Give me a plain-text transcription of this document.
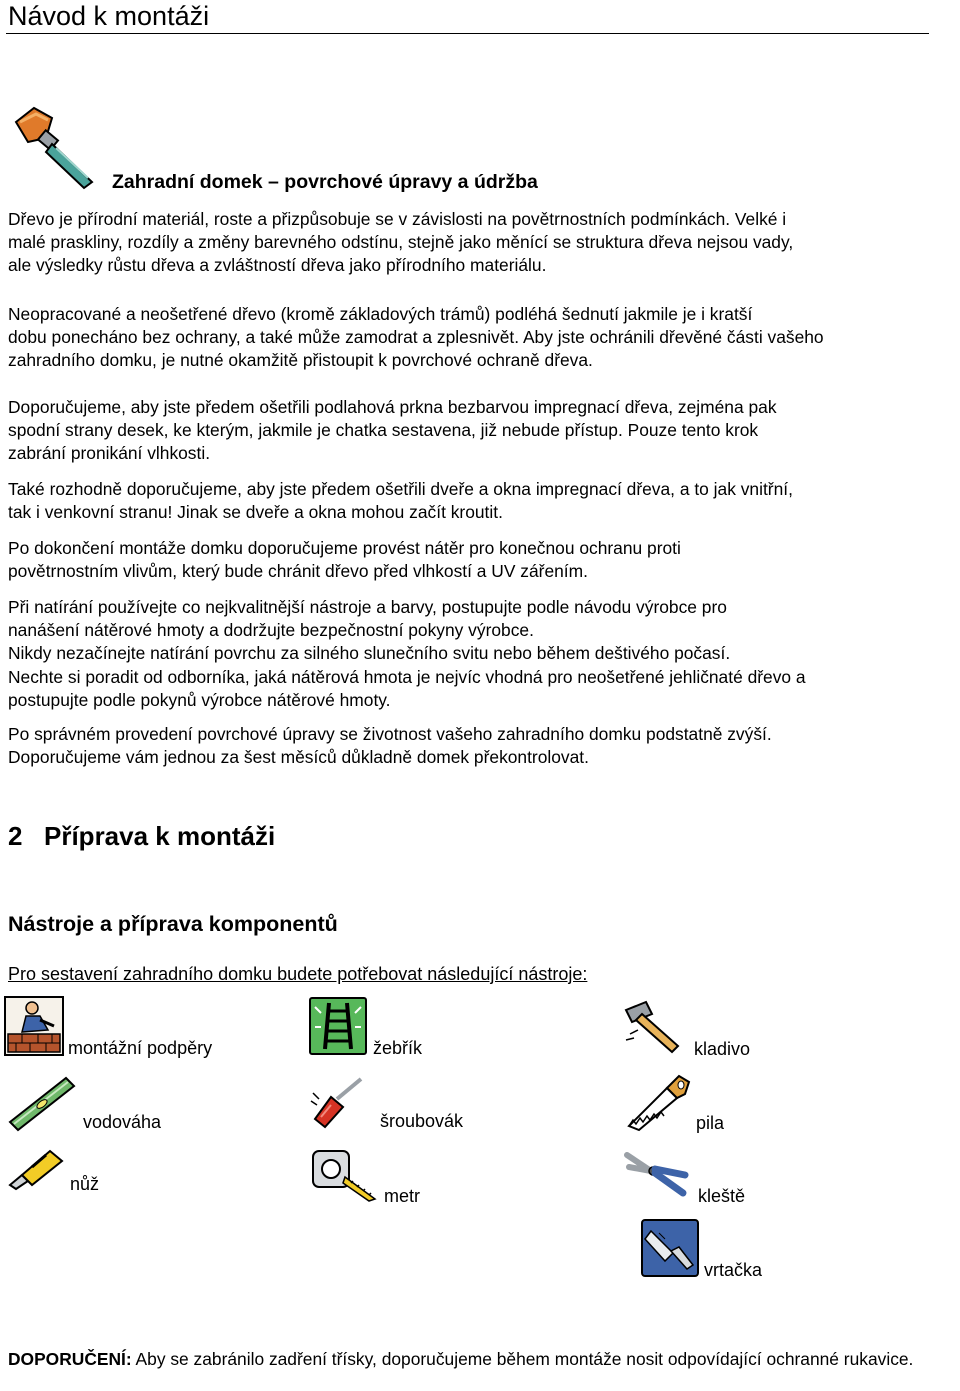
Návod k montáži
Zahradní domek – povrchové úpravy a údržba
Dřevo je přírodní materiál, roste a přizpůsobuje se v závislosti na povětrnostních podmínkách. Velké i
malé praskliny, rozdíly a změny barevného odstínu, stejně jako měnící se struktura dřeva nejsou vady,
ale výsledky růstu dřeva a zvláštností dřeva jako přírodního materiálu.
Neopracované a neošetřené dřevo (kromě základových trámů) podléhá šednutí jakmile je i kratší
dobu ponecháno bez ochrany, a také může zamodrat a zplesnivět. Aby jste ochránili dřevěné části vašeho
zahradního domku, je nutné okamžitě přistoupit k povrchové ochraně dřeva.
Doporučujeme, aby jste předem ošetřili podlahová prkna bezbarvou impregnací dřeva, zejména pak
spodní strany desek, ke kterým, jakmile je chatka sestavena, již nebude přístup. Pouze tento krok
zabrání pronikání vlhkosti.
Také rozhodně doporučujeme, aby jste předem ošetřili dveře a okna impregnací dřeva, a to jak vnitřní,
tak i venkovní stranu! Jinak se dveře a okna mohou začít kroutit.
Po dokončení montáže domku doporučujeme provést nátěr pro konečnou ochranu proti
povětrnostním vlivům, který bude chránit dřevo před vlhkostí a UV zářením.
Při natírání používejte co nejkvalitnější nástroje a barvy, postupujte podle návodu výrobce pro
nanášení nátěrové hmoty a dodržujte bezpečnostní pokyny výrobce.
Nikdy nezačínejte natírání povrchu za silného slunečního svitu nebo během deštivého počasí.
Nechte si poradit od odborníka, jaká nátěrová hmota je nejvíc vhodná pro neošetřené jehličnaté dřevo a
postupujte podle pokynů výrobce nátěrové hmoty.
Po správném provedení povrchové úpravy se životnost vašeho zahradního domku podstatně zvýší.
Doporučujeme vám jednou za šest měsíců důkladně domek překontrolovat.
2 Příprava k montáži
Nástroje a příprava komponentů
Pro sestavení zahradního domku budete potřebovat následující nástroje:
montážní podpěry	žebřík	kladivo
vodováha	šroubovák	pila
nůž
metr	kleště
vrtačka
DOPORUČENÍ: Aby se zabránilo zadření třísky, doporučujeme během montáže nosit odpovídající ochranné rukavice.
